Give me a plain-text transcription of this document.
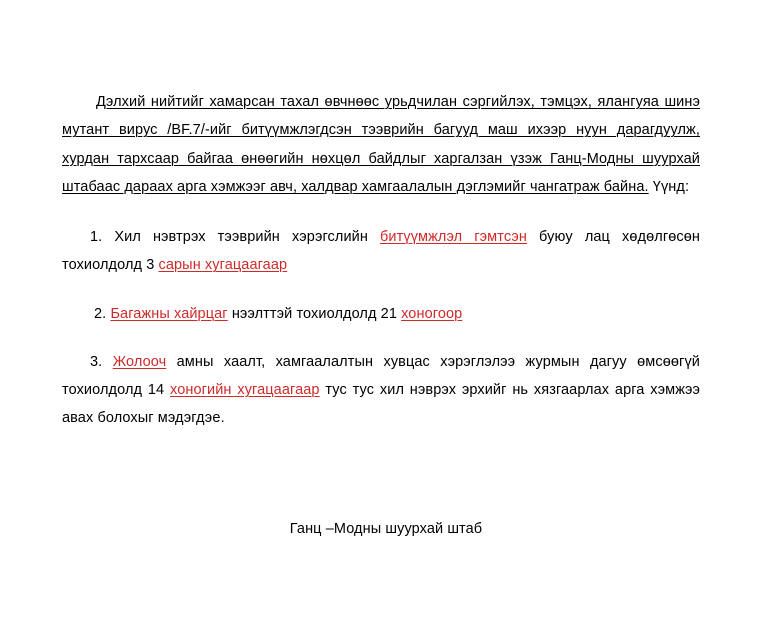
Дэлхий нийтийг хамарсан тахал өвчнөөс урьдчилан сэргийлэх, тэмцэх, ялангуяа шинэ мутант вирус /ВF.7/-ийг битүүмжлэгдсэн тээврийн багууд маш ихээр нуун дарагдуулж, хурдан тархсаар байгаа өнөөгийн нөхцөл байдлыг харгалзан үзэж Ганц-Модны шуурхай штабаас дараах арга хэмжээг авч, халдвар хамгаалалын дэглэмийг чангатраж байна. Үүнд:

1. Хил нэвтрэх тээврийн хэрэгслийн битүүмжлэл гэмтсэн буюу лац хөдөлгөсөн тохиолдолд 3 сарын хугацаагаар

2. Багажны хайрцаг нээлттэй тохиолдолд 21 хоногоор

3. Жолооч амны хаалт, хамгаалалтын хувцас хэрэглэлээ журмын дагуу өмсөөгүй тохиолдолд 14 хоногийн хугацаагаар тус тус хил нэврэх эрхийг нь хязгаарлах арга хэмжээ авах болохыг мэдэгдэе.

Ганц –Модны шуурхай штаб
